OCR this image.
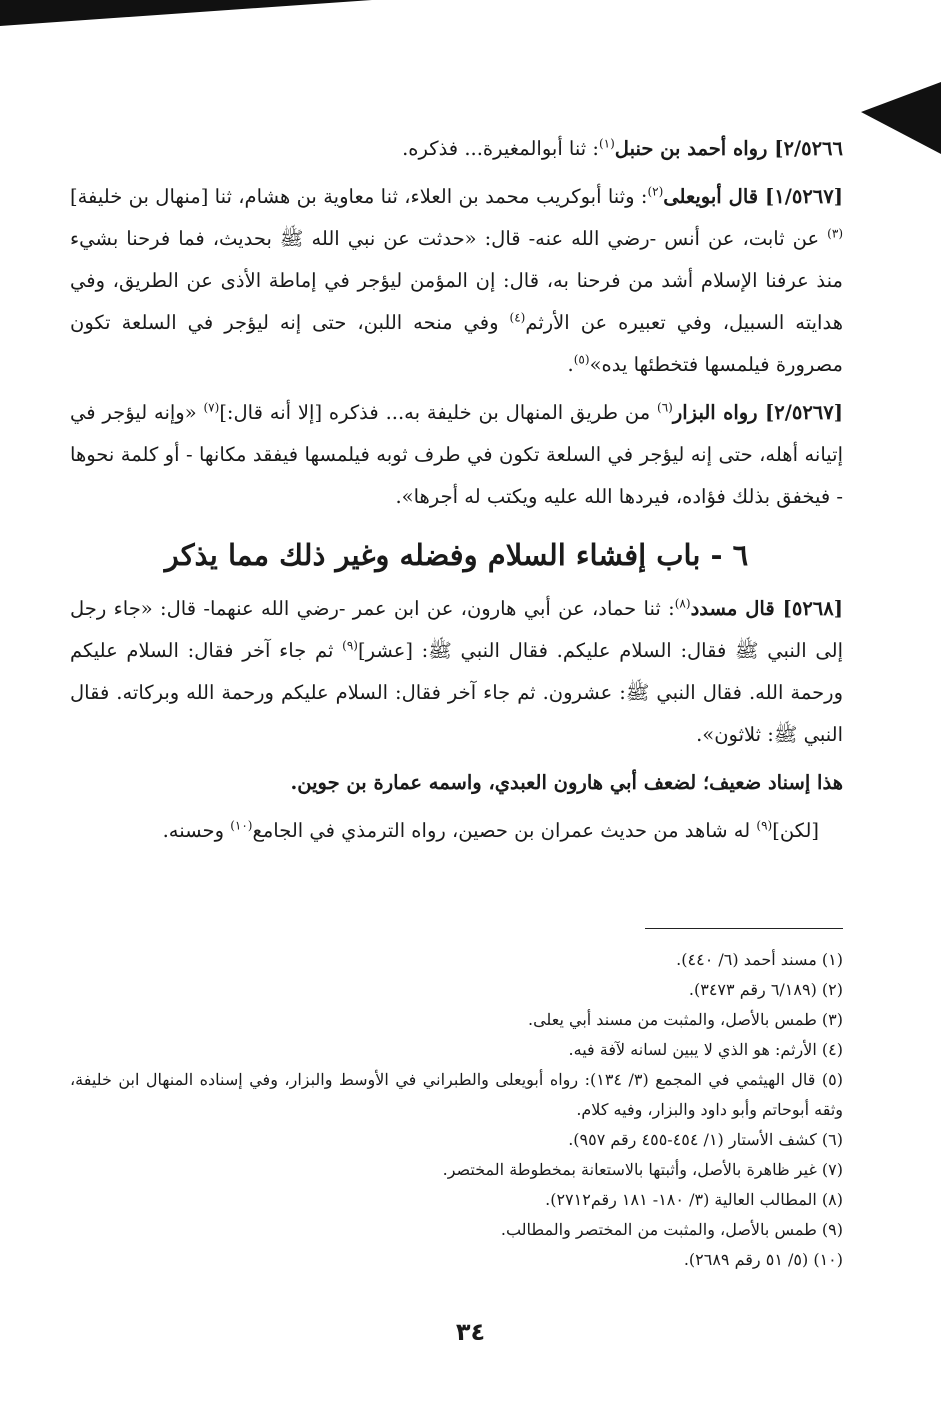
٢/٥٢٦٦] رواه أحمد بن حنبل$^{(١)}$: ثنا أبوالمغيرة... فذكره.

[١/٥٢٦٧] قال أبويعلى$^{(٢)}$: وثنا أبوكريب محمد بن العلاء، ثنا معاوية بن هشام، ثنا [منهال بن خليفة]$^{(٣)}$ عن ثابت، عن أنس -رضي الله عنه- قال: «حدثت عن نبي الله ﷺ بحديث، فما فرحنا بشيء منذ عرفنا الإسلام أشد من فرحنا به، قال: إن المؤمن ليؤجر في إماطة الأذى عن الطريق، وفي هدايته السبيل، وفي تعبيره عن الأرثم$^{(٤)}$ وفي منحه اللبن، حتى إنه ليؤجر في السلعة تكون مصرورة فيلمسها فتخطئها يده»$^{(٥)}$.

[٢/٥٢٦٧] رواه البزار$^{(٦)}$ من طريق المنهال بن خليفة به... فذكره [إلا أنه قال:]$^{(٧)}$ «وإنه ليؤجر في إتيانه أهله، حتى إنه ليؤجر في السلعة تكون في طرف ثوبه فيلمسها فيفقد مكانها - أو كلمة نحوها - فيخفق بذلك فؤاده، فيردها الله عليه ويكتب له أجرها».

٦ - باب إفشاء السلام وفضله وغير ذلك مما يذكر

[٥٢٦٨] قال مسدد$^{(٨)}$: ثنا حماد، عن أبي هارون، عن ابن عمر -رضي الله عنهما- قال: «جاء رجل إلى النبي ﷺ فقال: السلام عليكم. فقال النبي ﷺ: [عشر]$^{(٩)}$ ثم جاء آخر فقال: السلام عليكم ورحمة الله. فقال النبي ﷺ: عشرون. ثم جاء آخر فقال: السلام عليكم ورحمة الله وبركاته. فقال النبي ﷺ: ثلاثون».

هذا إسناد ضعيف؛ لضعف أبي هارون العبدي، واسمه عمارة بن جوين.

[لكن]$^{(٩)}$ له شاهد من حديث عمران بن حصين، رواه الترمذي في الجامع$^{(١٠)}$ وحسنه.

(١) مسند أحمد (٦/ ٤٤٠).
(٢) (٦/١٨٩ رقم ٣٤٧٣).
(٣) طمس بالأصل، والمثبت من مسند أبي يعلى.
(٤) الأرثم: هو الذي لا يبين لسانه لآفة فيه.
(٥) قال الهيثمي في المجمع (٣/ ١٣٤): رواه أبويعلى والطبراني في الأوسط والبزار، وفي إسناده المنهال ابن خليفة، وثقه أبوحاتم وأبو داود والبزار، وفيه كلام.
(٦) كشف الأستار (١/ ٤٥٤-٤٥٥ رقم ٩٥٧).
(٧) غير ظاهرة بالأصل، وأثبتها بالاستعانة بمخطوطة المختصر.
(٨) المطالب العالية (٣/ ١٨٠- ١٨١ رقم٢٧١٢).
(٩) طمس بالأصل، والمثبت من المختصر والمطالب.
(١٠) (٥/ ٥١ رقم ٢٦٨٩).
٣٤
